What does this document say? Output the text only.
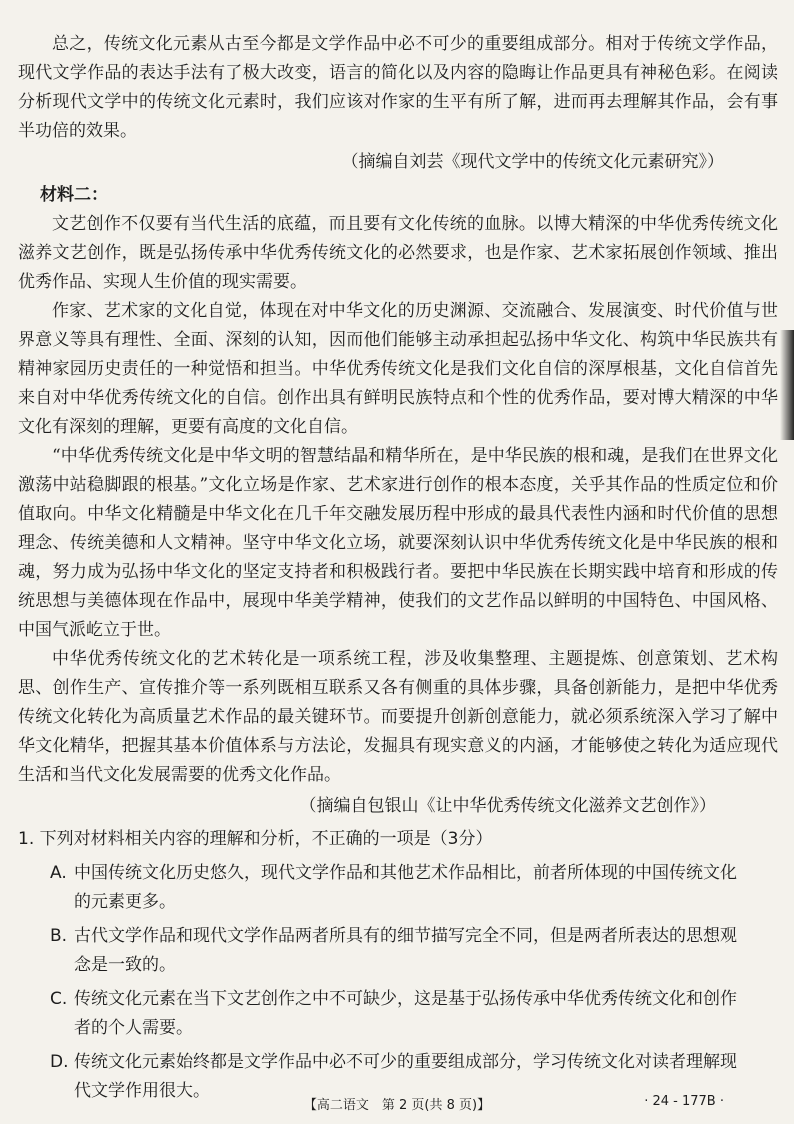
总之，传统文化元素从古至今都是文学作品中必不可少的重要组成部分。相对于传统文学作品，现代文学作品的表达手法有了极大改变，语言的简化以及内容的隐晦让作品更具有神秘色彩。在阅读分析现代文学中的传统文化元素时，我们应该对作家的生平有所了解，进而再去理解其作品，会有事半功倍的效果。

（摘编自刘芸《现代文学中的传统文化元素研究》）

材料二：

文艺创作不仅要有当代生活的底蕴，而且要有文化传统的血脉。以博大精深的中华优秀传统文化滋养文艺创作，既是弘扬传承中华优秀传统文化的必然要求，也是作家、艺术家拓展创作领域、推出优秀作品、实现人生价值的现实需要。

作家、艺术家的文化自觉，体现在对中华文化的历史渊源、交流融合、发展演变、时代价值与世界意义等具有理性、全面、深刻的认知，因而他们能够主动承担起弘扬中华文化、构筑中华民族共有精神家园历史责任的一种觉悟和担当。中华优秀传统文化是我们文化自信的深厚根基，文化自信首先来自对中华优秀传统文化的自信。创作出具有鲜明民族特点和个性的优秀作品，要对博大精深的中华文化有深刻的理解，更要有高度的文化自信。

“中华优秀传统文化是中华文明的智慧结晶和精华所在，是中华民族的根和魂，是我们在世界文化激荡中站稳脚跟的根基。”文化立场是作家、艺术家进行创作的根本态度，关乎其作品的性质定位和价值取向。中华文化精髓是中华文化在几千年交融发展历程中形成的最具代表性内涵和时代价值的思想理念、传统美德和人文精神。坚守中华文化立场，就要深刻认识中华优秀传统文化是中华民族的根和魂，努力成为弘扬中华文化的坚定支持者和积极践行者。要把中华民族在长期实践中培育和形成的传统思想与美德体现在作品中，展现中华美学精神，使我们的文艺作品以鲜明的中国特色、中国风格、中国气派屹立于世。

中华优秀传统文化的艺术转化是一项系统工程，涉及收集整理、主题提炼、创意策划、艺术构思、创作生产、宣传推介等一系列既相互联系又各有侧重的具体步骤，具备创新能力，是把中华优秀传统文化转化为高质量艺术作品的最关键环节。而要提升创新创意能力，就必须系统深入学习了解中华文化精华，把握其基本价值体系与方法论，发掘具有现实意义的内涵，才能够使之转化为适应现代生活和当代文化发展需要的优秀文化作品。

（摘编自包银山《让中华优秀传统文化滋养文艺创作》）

1. 下列对材料相关内容的理解和分析，不正确的一项是（3分）

A. 中国传统文化历史悠久，现代文学作品和其他艺术作品相比，前者所体现的中国传统文化的元素更多。
B. 古代文学作品和现代文学作品两者所具有的细节描写完全不同，但是两者所表达的思想观念是一致的。
C. 传统文化元素在当下文艺创作之中不可缺少，这是基于弘扬传承中华优秀传统文化和创作者的个人需要。
D. 传统文化元素始终都是文学作品中必不可少的重要组成部分，学习传统文化对读者理解现代文学作用很大。
【高二语文　第 2 页(共 8 页)】	· 24 - 177B ·
